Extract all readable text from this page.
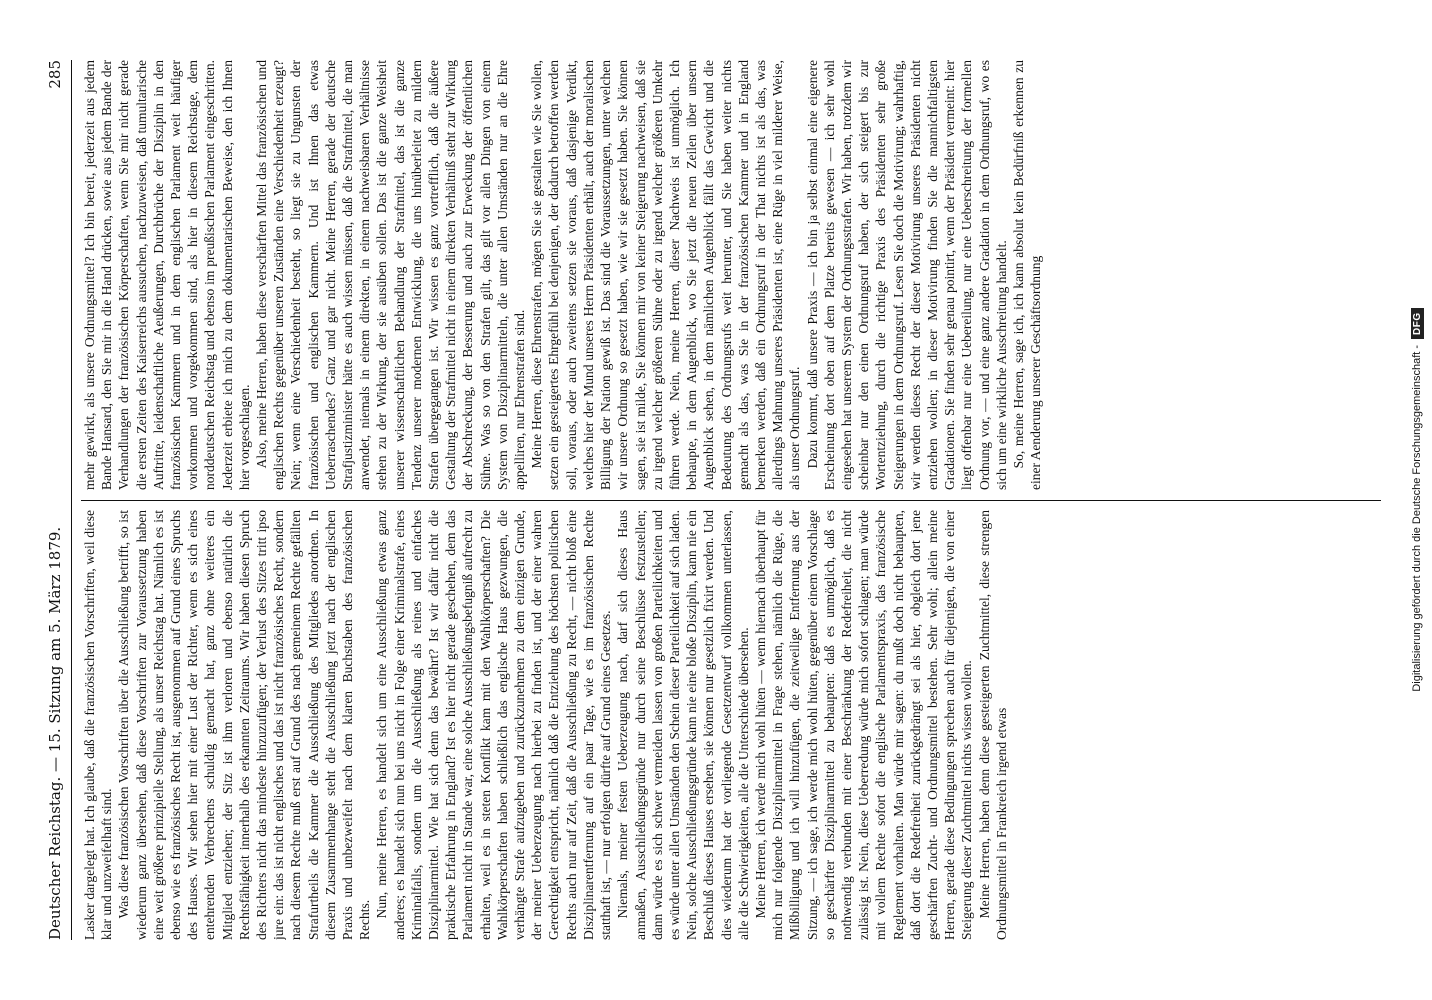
Deutscher Reichstag. — 15. Sitzung am 5. März 1879.
285

Lasker dargelegt hat. Ich glaube, daß die französischen Vorschriften, weil diese klar und unzweifelhaft sind. Was diese französischen Vorschriften über die Ausschließung betrifft, so ist wiederum ganz übersehen, daß diese Vorschriften zur Voraussetzung haben eine weit größere prinzipielle Stellung, als unser Reichstag hat. Nämlich es ist ebenso wie es französisches Recht ist, ausgenommen auf Grund eines Spruchs des Hauses. Wir sehen hier mit einer Lust der Richter, wenn es sich eines entehrenden Verbrechens schuldig gemacht hat, ganz ohne weiteres ein Mitglied entziehen; der Sitz ist ihm verloren und ebenso natürlich die Rechtsfähigkeit innerhalb des erkannten Zeitraums. Wir haben diesen Spruch des Richters nicht das mindeste hinzuzufügen; der Verlust des Sitzes tritt ipso jure ein: das ist nicht englisches und das ist nicht französisches Recht, sondern nach diesem Rechte muß erst auf Grund des nach gemeinem Rechte gefällten Strafurtheils die Kammer die Ausschließung des Mitgliedes anordnen. In diesem Zusammenhange steht die Ausschließung jetzt nach der englischen Praxis und unbezweifelt nach dem klaren Buchstaben des französischen Rechts.

Nun, meine Herren, es handelt sich um eine Ausschließung etwas ganz anderes; es handelt sich nun bei uns nicht in Folge einer Kriminalstrafe, eines Kriminalfalls, sondern um die Ausschließung als reines und einfaches Disziplinarmittel. Wie hat sich denn das bewährt? Ist wir dafür nicht die praktische Erfahrung in England? Ist es hier nicht gerade geschehen, dem das Parlament nicht in Stande war, eine solche Ausschließungsbefugniß aufrecht zu erhalten, weil es in steten Konflikt kam mit den Wahlkörperschaften? Die Wahlkörperschaften haben schließlich das englische Haus gezwungen, die verhängte Strafe aufzugeben und zurückzunehmen zu dem einzigen Grunde, der meiner Ueberzeugung nach hierbei zu finden ist, und der einer wahren Gerechtigkeit entspricht, nämlich daß die Entziehung des höchsten politischen Rechts auch nur auf Zeit, daß die Ausschließung zu Recht, — nicht bloß eine Disziplinarentfernung auf ein paar Tage, wie es im französischen Rechte statthaft ist, — nur erfolgen dürfte auf Grund eines Gesetzes. Niemals, meiner festen Ueberzeugung nach, darf sich dieses Haus anmaßen, Ausschließungsgründe nur durch seine Beschlüsse festzustellen; dann würde es sich schwer vermeiden lassen von großen Parteilichkeiten und es würde unter allen Umständen den Schein dieser Parteilichkeit auf sich laden. Nein, solche Ausschließungsgründe kann nie eine bloße Disziplin, kann nie ein Beschluß dieses Hauses ersehen, sie können nur gesetzlich fixirt werden. Und dies wiederum hat der vorliegende Gesetzentwurf vollkommen unterlassen, alle die Schwierigkeiten, alle die Unterschiede übersehen. Meine Herren, ich werde mich wohl hüten — wenn hiernach überhaupt für mich nur folgende Disziplinarmittel in Frage stehen, nämlich die Rüge, die Mißbilligung und ich will hinzufügen, die zeitweilige Entfernung aus der Sitzung, — ich sage, ich werde mich wohl hüten, gegenüber einem Vorschlage so geschärfter Disziplinarmittel zu behaupten: daß es unmöglich, daß es nothwendig verbunden mit einer Beschränkung der Redefreiheit, die nicht zulässig ist. Nein, diese Ueberredung würde mich sofort schlagen; man würde mit vollem Rechte sofort die englische Parlamentspraxis, das französische Reglement vorhalten. Man würde mir sagen: du mußt doch nicht behaupten, daß dort die Redefreiheit zurückgedrängt sei als hier, obgleich dort jene geschärften Zucht- und Ordnungsmittel bestehen. Sehr wohl; allein meine Herren, gerade diese Bedingungen sprechen auch für diejenigen, die von einer Steigerung dieser Zuchtmittel nichts wissen wollen. Meine Herren, haben denn diese gesteigerten Zuchtmittel, diese strengen Ordnungsmittel in Frankreich irgend etwas

mehr gewirkt, als unsere Ordnungsmittel? Ich bin bereit, jederzeit aus jedem Bande Hansard, den Sie mir in die Hand drücken, sowie aus jedem Bande der Verhandlungen der französischen Körperschaften, wenn Sie mir nicht gerade die ersten Zeiten des Kaiserreichs aussuchen, nachzuweisen, daß tumultarische Auftritte, leidenschaftliche Aeußerungen, Durchbrüche der Disziplin in den französischen Kammern und in dem englischen Parlament weit häufiger vorkommen und vorgekommen sind, als hier in diesem Reichstage, dem norddeutschen Reichstag und ebenso im preußischen Parlament eingeschritten. Jederzeit erbiete ich mich zu dem dokumentarischen Beweise, den ich Ihnen hier vorgeschlagen. Also, meine Herren, haben diese verschärften Mittel das französischen und englischen Rechts gegenüber unseren Zuständen eine Verschiedenheit erzeugt? Nein; wenn eine Verschiedenheit besteht, so liegt sie zu Ungunsten der französischen und englischen Kammern. Und ist Ihnen das etwas Ueberraschendes? Ganz und gar nicht. Meine Herren, gerade der deutsche Strafjustizminister hätte es auch wissen müssen, daß die Strafmittel, die man anwendet, niemals in einem direkten, in einem nachweisbaren Verhältnisse stehen zu der Wirkung, der sie ausüben sollen. Das ist die ganze Weisheit unserer wissenschaftlichen Behandlung der Strafmittel, das ist die ganze Tendenz unserer modernen Entwicklung, die uns hinüberleitet zu mildern Strafen übergegangen ist. Wir wissen es ganz vortrefflich, daß die äußere Gestaltung der Strafmittel nicht in einem direkten Verhältniß steht zur Wirkung der Abschreckung, der Besserung und auch zur Erweckung der öffentlichen Sühne. Was so von den Strafen gilt, das gilt vor allen Dingen von einem System von Disziplinarmitteln, die unter allen Umständen nur an die Ehre appelliren, nur Ehrenstrafen sind. Meine Herren, diese Ehrenstrafen, mögen Sie sie gestalten wie Sie wollen, setzen ein gesteigertes Ehrgefühl bei denjenigen, der dadurch betroffen werden soll, voraus, oder auch zweitens setzen sie voraus, daß dasjenige Verdikt, welches hier der Mund unseres Herrn Präsidenten erhält, auch der moralischen Billigung der Nation gewiß ist. Das sind die Voraussetzungen, unter welchen wir unsere Ordnung so gesetzt haben, wie wir sie gesetzt haben. Sie können sagen, sie ist milde, Sie können mir von keiner Steigerung nachweisen, daß sie zu irgend welcher größeren Sühne oder zu irgend welcher größeren Umkehr führen werde. Nein, meine Herren, dieser Nachweis ist unmöglich. Ich behaupte, in dem Augenblick, wo Sie jetzt die neuen Zeilen über unsern Augenblick sehen, in dem nämlichen Augenblick fällt das Gewicht und die Bedeutung des Ordnungsrufs weit herunter, und Sie haben weiter nichts gemacht als das, was Sie in der französischen Kammer und in England bemerken werden, daß ein Ordnungsruf in der That nichts ist als das, was allerdings Mahnung unseres Präsidenten ist, eine Rüge in viel milderer Weise, als unser Ordnungsruf. Dazu kommt, daß unsere Praxis — ich bin ja selbst einmal eine eigenere Erscheinung dort oben auf dem Platze bereits gewesen — ich sehr wohl eingesehen hat unserem System der Ordnungsstrafen. Wir haben, trotzdem wir scheinbar nur den einen Ordnungsruf haben, der sich steigert bis zur Wortentziehung, durch die richtige Praxis des Präsidenten sehr große Steigerungen in dem Ordnungsruf. Lesen Sie doch die Motivirung; wahrhaftig, wir werden dieses Recht der dieser Motivirung unseres Präsidenten nicht entziehen wollen; in dieser Motivirung finden Sie die mannichfaltigsten Gradationen. Sie finden sehr genau pointirt, wenn der Präsident vermeint: hier liegt offenbar nur eine Uebereilung, nur eine Ueberschreitung der formellen Ordnung vor, — und eine ganz andere Gradation in dem Ordnungsruf, wo es sich um eine wirkliche Ausschreitung handelt. So, meine Herren, sage ich, ich kann absolut kein Bedürfniß erkennen zu einer Aenderung unserer Geschäftsordnung	Digitalisierung gefördert durch die Deutsche Forschungsgemeinschaft -
DFG
